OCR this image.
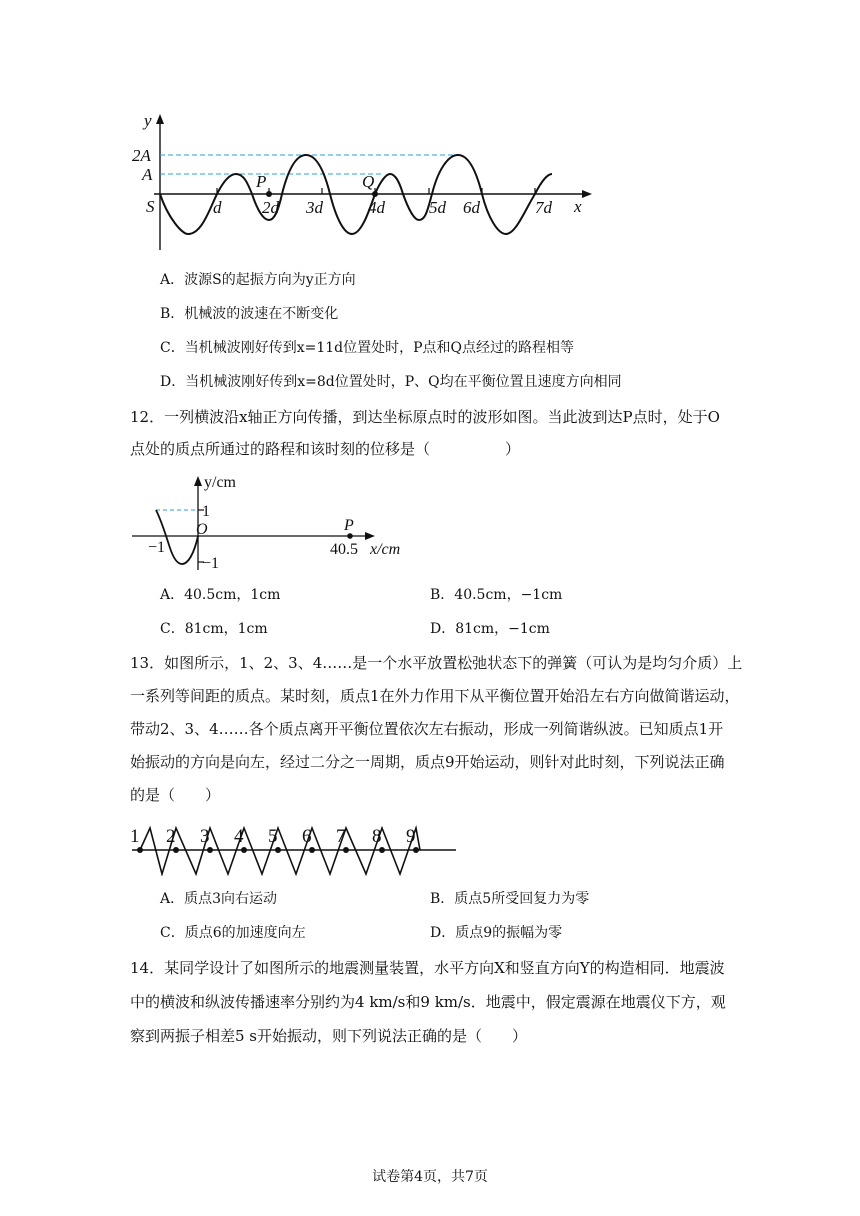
y
x
2A
A
S
P	Q
d 2d 3d	4d	5d 6d	7d
A．波源S的起振方向为y正方向
B．机械波的波速在不断变化
C．当机械波刚好传到x=11d位置处时，P点和Q点经过的路程相等
D．当机械波刚好传到x=8d位置处时，P、Q均在平衡位置且速度方向相同
12．一列横波沿x轴正方向传播，到达坐标原点时的波形如图。当此波到达P点时，处于O
点处的质点所通过的路程和该时刻的位移是（　　　　　）
y/cm
1
O
−1
−1
P
40.5 x/cm
A．40.5cm，1cm	B．40.5cm，−1cm
C．81cm，1cm	D．81cm，−1cm
13．如图所示，1、2、3、4……是一个水平放置松弛状态下的弹簧（可认为是均匀介质）上
一系列等间距的质点。某时刻，质点1在外力作用下从平衡位置开始沿左右方向做简谐运动，
带动2、3、4……各个质点离开平衡位置依次左右振动，形成一列简谐纵波。已知质点1开
始振动的方向是向左，经过二分之一周期，质点9开始运动，则针对此时刻，下列说法正确
的是（　　）
1 2 3 4 5 6 7 8 9
A．质点3向右运动	B．质点5所受回复力为零
C．质点6的加速度向左	D．质点9的振幅为零
14．某同学设计了如图所示的地震测量装置，水平方向X和竖直方向Y的构造相同．地震波
中的横波和纵波传播速率分别约为4 km/s和9 km/s．地震中，假定震源在地震仪下方，观
察到两振子相差5 s开始振动，则下列说法正确的是（　　）
试卷第4页，共7页
